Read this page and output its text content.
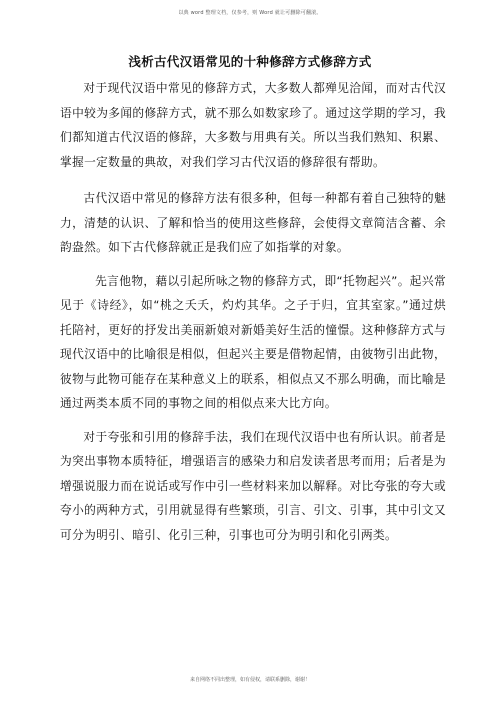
以典 word 整理文档，仅参考，则 Word 就让可删除可翻滚。
浅析古代汉语常见的十种修辞方式修辞方式

对于现代汉语中常见的修辞方式，大多数人都殚见洽闻，而对古代汉语中较为多闻的修辞方式，就不那么如数家珍了。通过这学期的学习，我们都知道古代汉语的修辞，大多数与用典有关。所以当我们熟知、积累、掌握一定数量的典故，对我们学习古代汉语的修辞很有帮助。

古代汉语中常见的修辞方法有很多种，但每一种都有着自己独特的魅力，清楚的认识、了解和恰当的使用这些修辞，会使得文章简洁含蓄、余韵盎然。如下古代修辞就正是我们应了如指掌的对象。

先言他物，藉以引起所咏之物的修辞方式，即“托物起兴”。起兴常见于《诗经》，如“桃之夭夭，灼灼其华。之子于归，宜其室家。”通过烘托陪衬，更好的抒发出美丽新娘对新婚美好生活的憧憬。这种修辞方式与现代汉语中的比喻很是相似，但起兴主要是借物起情，由彼物引出此物，彼物与此物可能存在某种意义上的联系，相似点又不那么明确，而比喻是通过两类本质不同的事物之间的相似点来大比方向。

对于夸张和引用的修辞手法，我们在现代汉语中也有所认识。前者是为突出事物本质特征，增强语言的感染力和启发读者思考而用；后者是为增强说服力而在说话或写作中引一些材料来加以解释。对比夸张的夸大或夸小的两种方式，引用就显得有些繁琐，引言、引文、引事，其中引文又可分为明引、暗引、化引三种，引事也可分为明引和化引两类。

来自网络不同出整理，如有侵权，请联系删除，谢谢！
